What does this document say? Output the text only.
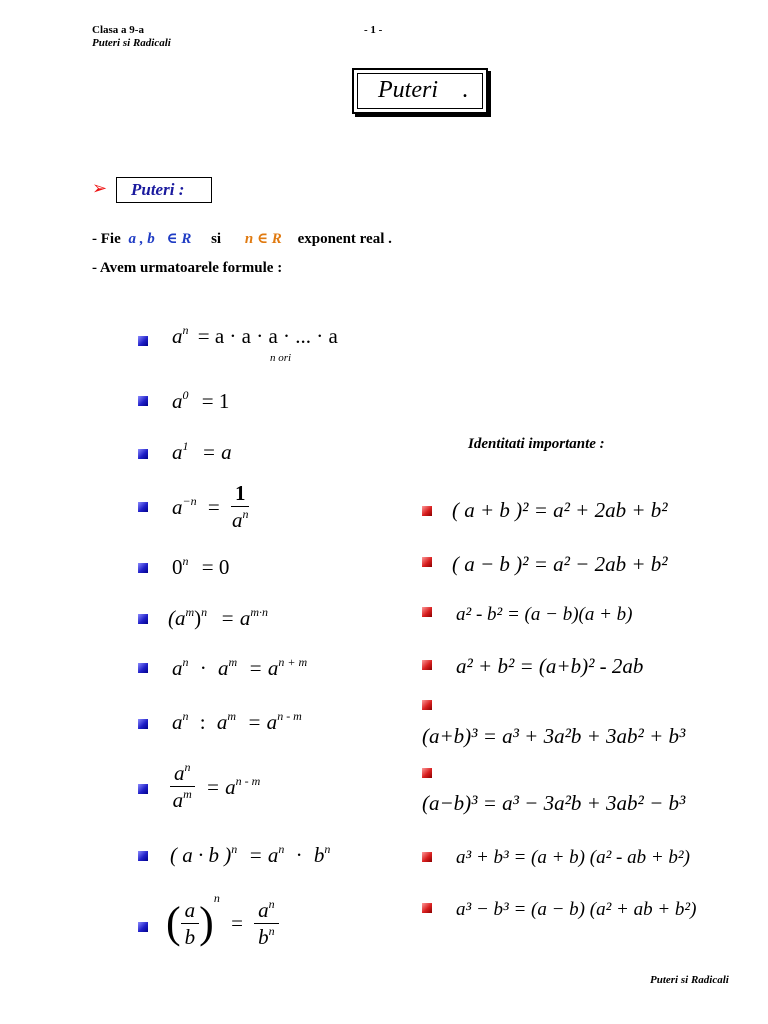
Clasa a 9-a
Puteri si Radicali
- 1 -
Puteri .
➢ Puteri :
- Fie a , b ∈ R si n ∈ R exponent real .
- Avem urmatoarele formule :
$a^n = a \cdot a \cdot a$ · ... · a
n ori
$a^0 = 1$
$a^1 = a$
$a^{-n} = \frac{1}{a^n}$
$0^n = 0$
$(a^m)^n = a^{m\cdot n}$
$a^n \cdot a^m = a^{n + m}$
$a^n$ : $a^m = a^{n - m}$
$\frac{a^n}{a^m} = a^{n - m}$
( a · b )$^n = a^n \cdot b^n$
( $\frac{a}{b} )^n = \frac{a^n}{b^n}$
Identitati importante :
( a + b )² = a² + 2ab + b²
( a − b )² = a² − 2ab + b²
a² - b² = (a − b)(a + b)
a² + b² = (a+b)² - 2ab
(a+b)³ = a³ + 3a²b + 3ab² + b³
(a−b)³ = a³ − 3a²b + 3ab² − b³
a³ + b³ = (a + b) (a² - ab + b²)
a³ − b³ = (a − b) (a² + ab + b²)
Puteri si Radicali
